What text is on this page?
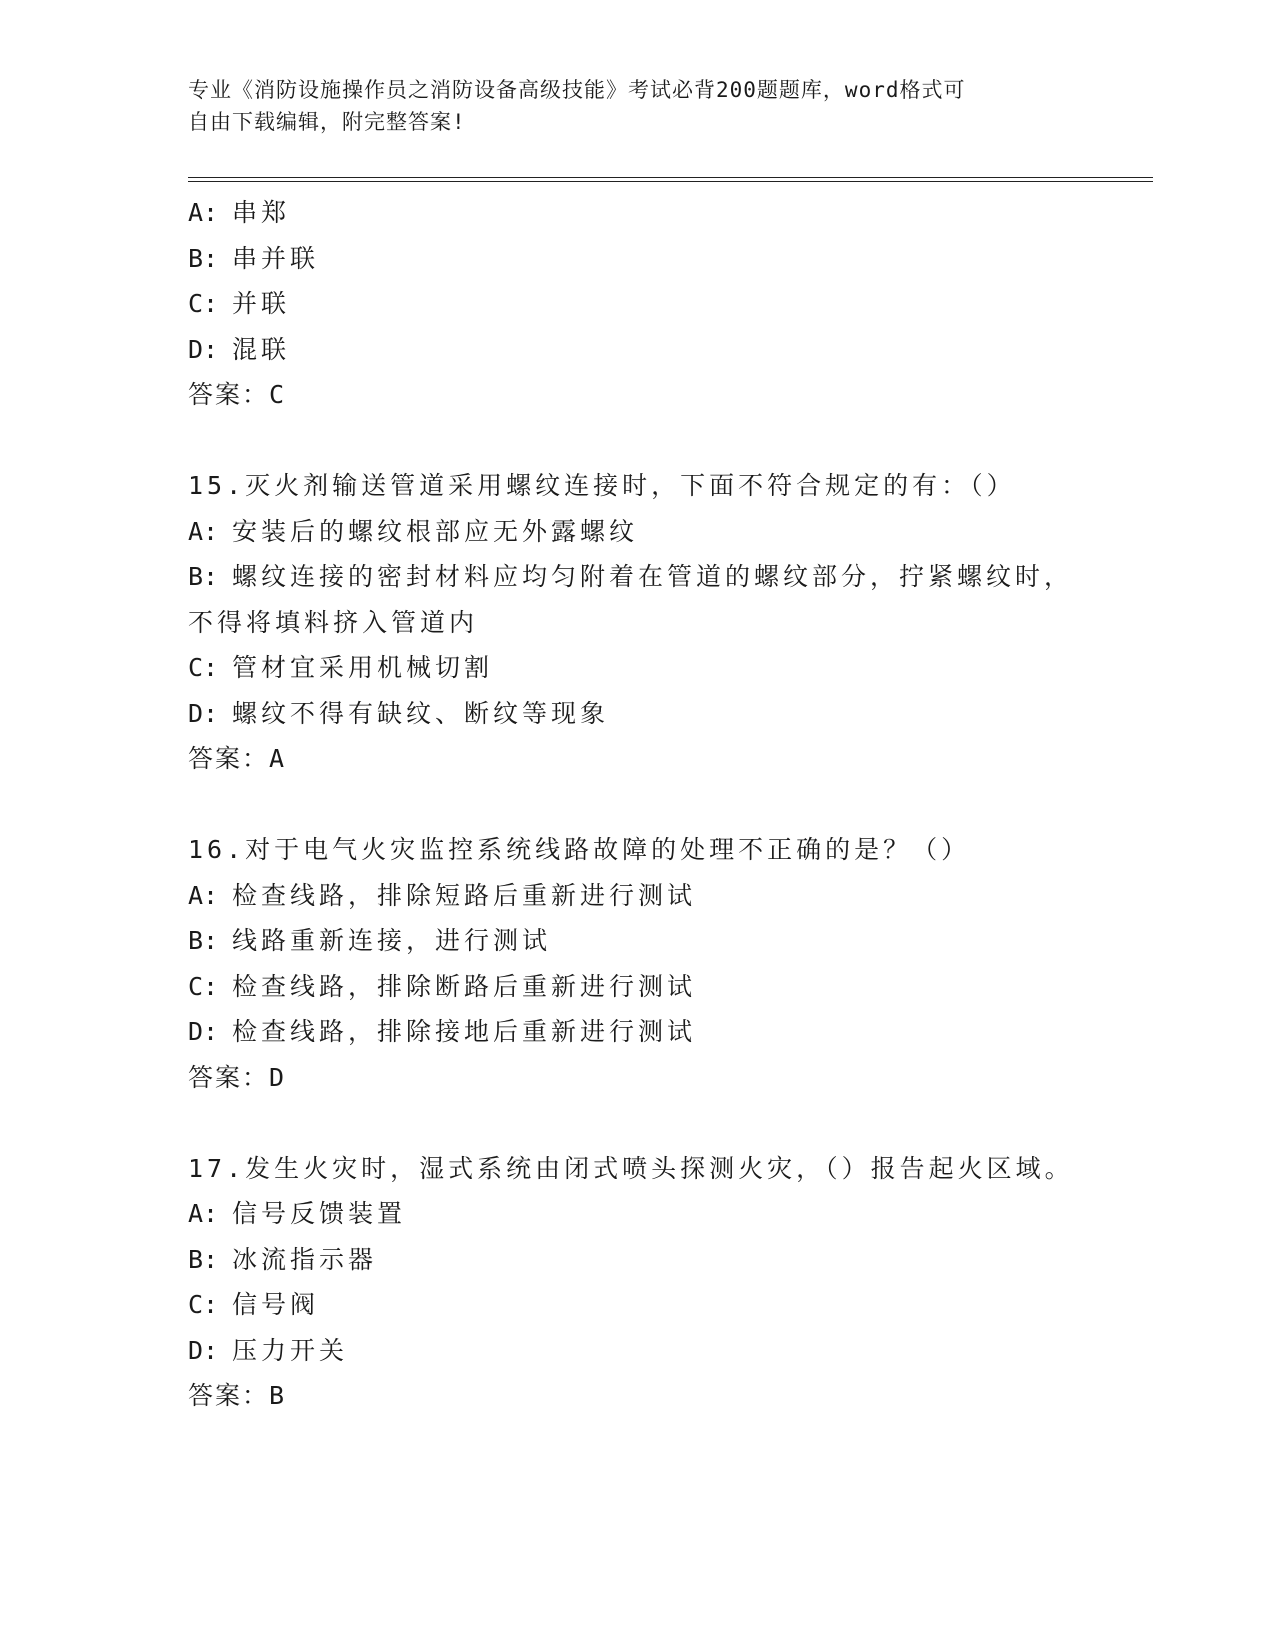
专业《消防设施操作员之消防设备高级技能》考试必背200题题库，word格式可
自由下载编辑，附完整答案!
A: 串郑
B: 串并联
C: 并联
D: 混联
答案：C
15.灭火剂输送管道采用螺纹连接时，下面不符合规定的有：（）
A: 安装后的螺纹根部应无外露螺纹
B: 螺纹连接的密封材料应均匀附着在管道的螺纹部分，拧紧螺纹时，
不得将填料挤入管道内
C: 管材宜采用机械切割
D: 螺纹不得有缺纹、断纹等现象
答案：A
16.对于电气火灾监控系统线路故障的处理不正确的是？（）
A: 检查线路，排除短路后重新进行测试
B: 线路重新连接，进行测试
C: 检查线路，排除断路后重新进行测试
D: 检查线路，排除接地后重新进行测试
答案：D
17.发生火灾时，湿式系统由闭式喷头探测火灾，（）报告起火区域。
A: 信号反馈装置
B: 冰流指示器
C: 信号阀
D: 压力开关
答案：B
